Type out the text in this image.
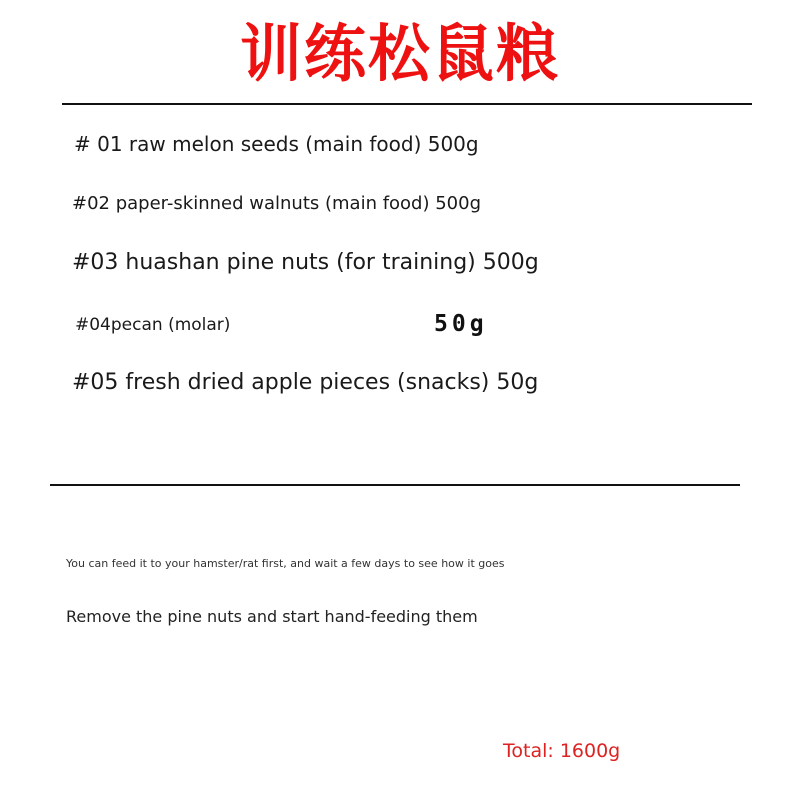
训练松鼠粮
# 01 raw melon seeds (main food) 500g
#02 paper-skinned walnuts (main food) 500g
#03 huashan pine nuts (for training) 500g
#04pecan (molar)	50g
#05 fresh dried apple pieces (snacks) 50g
You can feed it to your hamster/rat first, and wait a few days to see how it goes
Remove the pine nuts and start hand-feeding them
Total: 1600g
